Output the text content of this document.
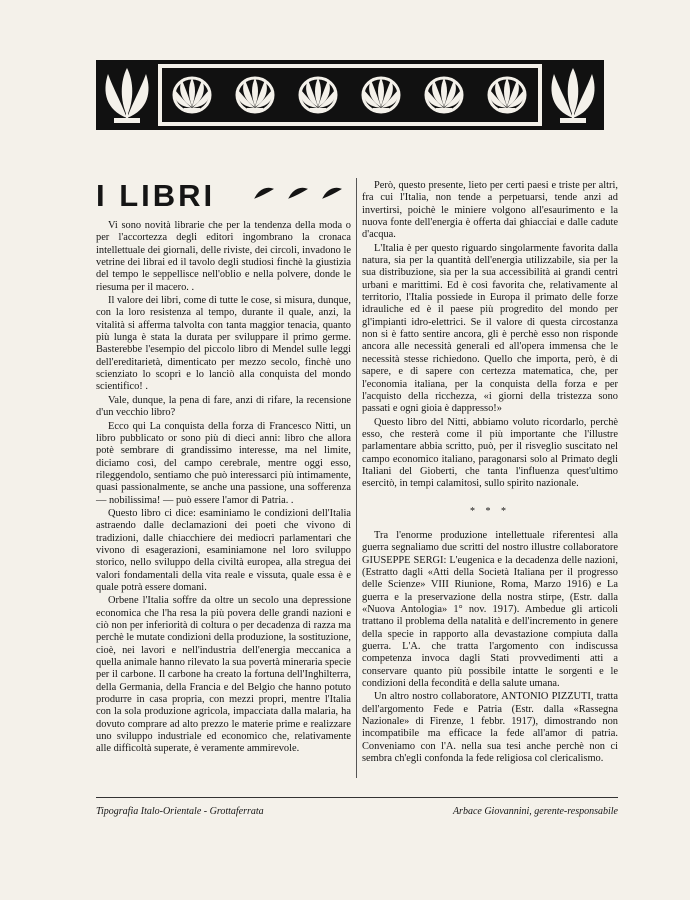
I LIBRI

Vi sono novità librarie che per la tendenza della moda o per l'accortezza degli editori ingombrano la cronaca intellettuale dei giornali, delle riviste, dei circoli, invadono le vetrine dei librai ed il tavolo degli studiosi finchè la giustizia del tempo le seppellisce nell'oblio e nella polvere, donde le riesuma per il macero. .

Il valore dei libri, come di tutte le cose, si misura, dunque, con la loro resistenza al tempo, durante il quale, anzi, la vitalità si afferma talvolta con tanta maggior tenacia, quanto più lunga è stata la durata per sviluppare il primo germe. Basterebbe l'esempio del piccolo libro di Mendel sulle leggi dell'ereditarietà, dimenticato per mezzo secolo, finchè uno scienziato lo scoprì e lo lanciò alla conquista del mondo scientifico! .

Vale, dunque, la pena di fare, anzi di rifare, la recensione d'un vecchio libro?

Ecco qui La conquista della forza di Francesco Nitti, un libro pubblicato or sono più di dieci anni: libro che allora potè sembrare di grandissimo interesse, ma nel limite, diciamo così, del campo cerebrale, mentre oggi esso, rileggendolo, sentiamo che può interessarci più intimamente, quasi passionalmente, se anche una passione, una sofferenza — nobilissima! — può essere l'amor di Patria. .

Questo libro ci dice: esaminiamo le condizioni dell'Italia astraendo dalle declamazioni dei poeti che vivono di tradizioni, dalle chiacchiere dei mediocri parlamentari che vivono di esagerazioni, esaminiamone nel loro sviluppo storico, nello sviluppo della civiltà europea, alla stregua dei valori fondamentali della vita reale e vissuta, quale essa è e quale potrà essere domani.

Orbene l'Italia soffre da oltre un secolo una depressione economica che l'ha resa la più povera delle grandi nazioni e ciò non per inferiorità di coltura o per decadenza di razza ma perchè le mutate condizioni della produzione, la sostituzione, cioè, nei lavori e nell'industria dell'energia meccanica a quella animale hanno rilevato la sua povertà mineraria specie per il carbone. Il carbone ha creato la fortuna dell'Inghilterra, della Germania, della Francia e del Belgio che hanno potuto produrre in casa propria, con mezzi propri, mentre l'Italia con la sola produzione agricola, impacciata dalla malaria, ha dovuto comprare ad alto prezzo le materie prime e realizzare uno sviluppo industriale ed economico che, relativamente alle difficoltà superate, è veramente ammirevole.

Però, questo presente, lieto per certi paesi e triste per altri, fra cui l'Italia, non tende a perpetuarsi, tende anzi ad invertirsi, poichè le miniere volgono all'esaurimento e la nuova fonte dell'energia è offerta dai ghiacciai e dalle cadute d'acqua.

L'Italia è per questo riguardo singolarmente favorita dalla natura, sia per la quantità dell'energia utilizzabile, sia per la sua distribuzione, sia per la sua accessibilità ai grandi centri urbani e marittimi. Ed è così favorita che, relativamente al territorio, l'Italia possiede in Europa il primato delle forze idrauliche ed è il paese più progredito del mondo per gl'impianti idro-elettrici. Se il valore di questa circostanza non si è fatto sentire ancora, gli è perchè esso non risponde ancora alle necessità generali ed all'opera immensa che le necessità stesse richiedono. Quello che importa, però, è di sapere, e di sapere con certezza matematica, che, per l'economia italiana, per la conquista della forza e per l'acquisto della ricchezza, «i giorni della tristezza sono passati e ogni gioia è dappresso!»

Questo libro del Nitti, abbiamo voluto ricordarlo, perchè esso, che resterà come il più importante che l'illustre parlamentare abbia scritto, può, per il risveglio suscitato nel campo economico italiano, paragonarsi solo al Primato degli Italiani del Gioberti, che tanta l'influenza quest'ultimo esercitò, in tempi calamitosi, sullo spirito nazionale.

* * *

Tra l'enorme produzione intellettuale riferentesi alla guerra segnaliamo due scritti del nostro illustre collaboratore GIUSEPPE SERGI: L'eugenica e la decadenza delle nazioni, (Estratto dagli «Atti della Società Italiana per il progresso delle Scienze» VIII Riunione, Roma, Marzo 1916) e La guerra e la preservazione della nostra stirpe, (Estr. dalla «Nuova Antologia» 1° nov. 1917). Ambedue gli articoli trattano il problema della natalità e dell'incremento in genere della specie in rapporto alla devastazione compiuta dalla guerra. L'A. che tratta l'argomento con indiscussa competenza invoca dagli Stati provvedimenti atti a conservare quanto più possibile intatte le sorgenti e le condizioni della fecondità e della salute umana.

Un altro nostro collaboratore, ANTONIO PIZZUTI, tratta dell'argomento Fede e Patria (Estr. dalla «Rassegna Nazionale» di Firenze, 1 febbr. 1917), dimostrando non incompatibile ma efficace la fede all'amor di patria. Conveniamo con l'A. nella sua tesi anche perchè non ci sembra ch'egli confonda la fede religiosa col clericalismo.

Tipografia Italo-Orientale - Grottaferrata	Arbace Giovannini, gerente-responsabile
